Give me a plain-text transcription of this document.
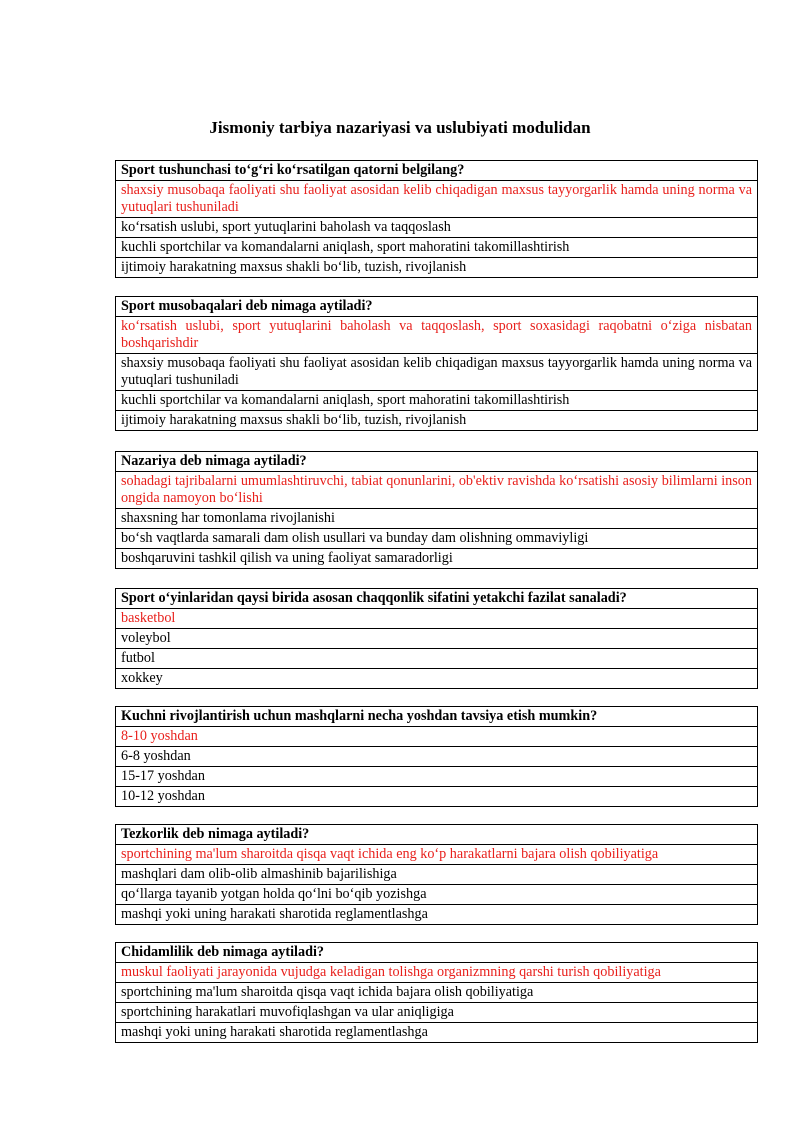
Jismoniy tarbiya nazariyasi va uslubiyati modulidan
Sport tushunchasi to‘g‘ri ko‘rsatilgan qatorni belgilang?
shaxsiy musobaqa faoliyati shu faoliyat asosidan kelib chiqadigan maxsus tayyorgarlik hamda uning norma va yutuqlari tushuniladi
ko‘rsatish uslubi, sport yutuqlarini baholash va taqqoslash
kuchli sportchilar va komandalarni aniqlash, sport mahoratini takomillashtirish
ijtimoiy harakatning maxsus shakli bo‘lib, tuzish, rivojlanish
Sport musobaqalari deb nimaga aytiladi?
ko‘rsatish uslubi, sport yutuqlarini baholash va taqqoslash, sport soxasidagi raqobatni o‘ziga nisbatan boshqarishdir
shaxsiy musobaqa faoliyati shu faoliyat asosidan kelib chiqadigan maxsus tayyorgarlik hamda uning norma va yutuqlari tushuniladi
kuchli sportchilar va komandalarni aniqlash, sport mahoratini takomillashtirish
ijtimoiy harakatning maxsus shakli bo‘lib, tuzish, rivojlanish
Nazariya deb nimaga aytiladi?
sohadagi tajribalarni umumlashtiruvchi, tabiat qonunlarini, ob'ektiv ravishda ko‘rsatishi asosiy bilimlarni inson ongida namoyon bo‘lishi
shaxsning har tomonlama rivojlanishi
bo‘sh vaqtlarda samarali dam olish usullari va bunday dam olishning ommaviyligi
boshqaruvini tashkil qilish va uning faoliyat samaradorligi
Sport o‘yinlaridan qaysi birida asosan chaqqonlik sifatini yetakchi fazilat sanaladi?
basketbol
voleybol
futbol
xokkey
Kuchni rivojlantirish uchun mashqlarni necha yoshdan tavsiya etish mumkin?
8-10 yoshdan
6-8 yoshdan
15-17 yoshdan
10-12 yoshdan
Tezkorlik deb nimaga aytiladi?
sportchining ma'lum sharoitda qisqa vaqt ichida eng ko‘p harakatlarni bajara olish qobiliyatiga
mashqlari dam olib-olib almashinib bajarilishiga
qo‘llarga tayanib yotgan holda qo‘lni bo‘qib yozishga
mashqi yoki uning harakati sharotida reglamentlashga
Chidamlilik deb nimaga aytiladi?
muskul faoliyati jarayonida vujudga keladigan tolishga organizmning qarshi turish qobiliyatiga
sportchining ma'lum sharoitda qisqa vaqt ichida bajara olish qobiliyatiga
sportchining harakatlari muvofiqlashgan va ular aniqligiga
mashqi yoki uning harakati sharotida reglamentlashga
